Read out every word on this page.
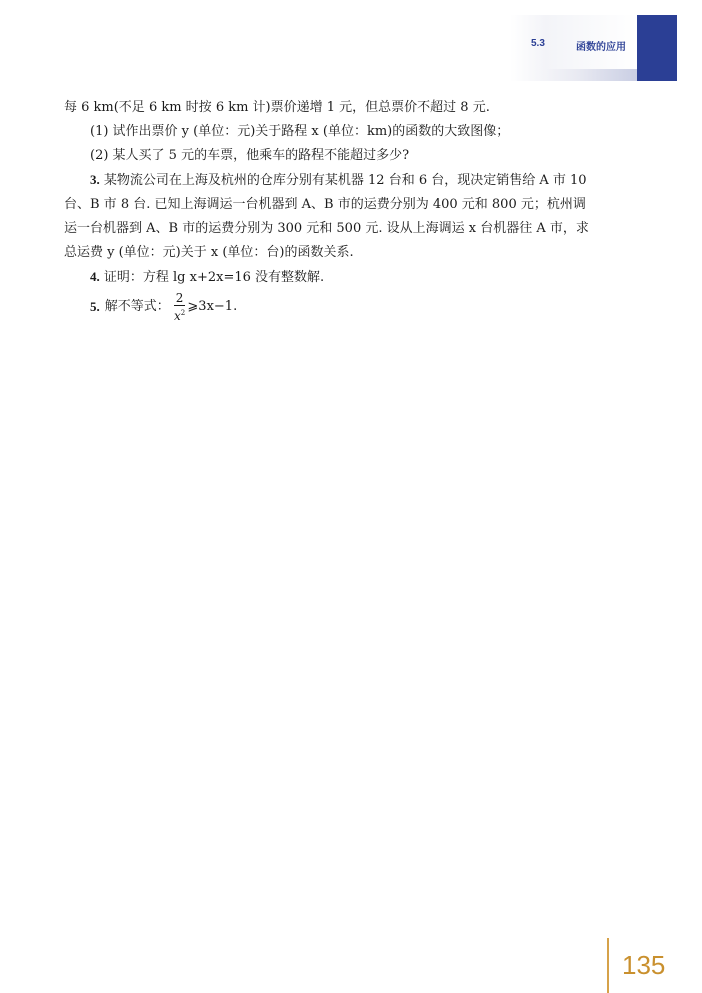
5.3	函数的应用
每 6 km(不足 6 km 时按 6 km 计)票价递增 1 元，但总票价不超过 8 元.
(1) 试作出票价 y (单位：元)关于路程 x (单位：km)的函数的大致图像；
(2) 某人买了 5 元的车票，他乘车的路程不能超过多少?
3. 某物流公司在上海及杭州的仓库分别有某机器 12 台和 6 台，现决定销售给 A 市 10
台、B 市 8 台. 已知上海调运一台机器到 A、B 市的运费分别为 400 元和 800 元；杭州调
运一台机器到 A、B 市的运费分别为 300 元和 500 元. 设从上海调运 x 台机器往 A 市，求
总运费 y (单位：元)关于 x (单位：台)的函数关系.
4. 证明：方程 lg x+2x=16 没有整数解.
5. 解不等式： $\frac{2}{x^2}$ ⩾3x−1.
135
